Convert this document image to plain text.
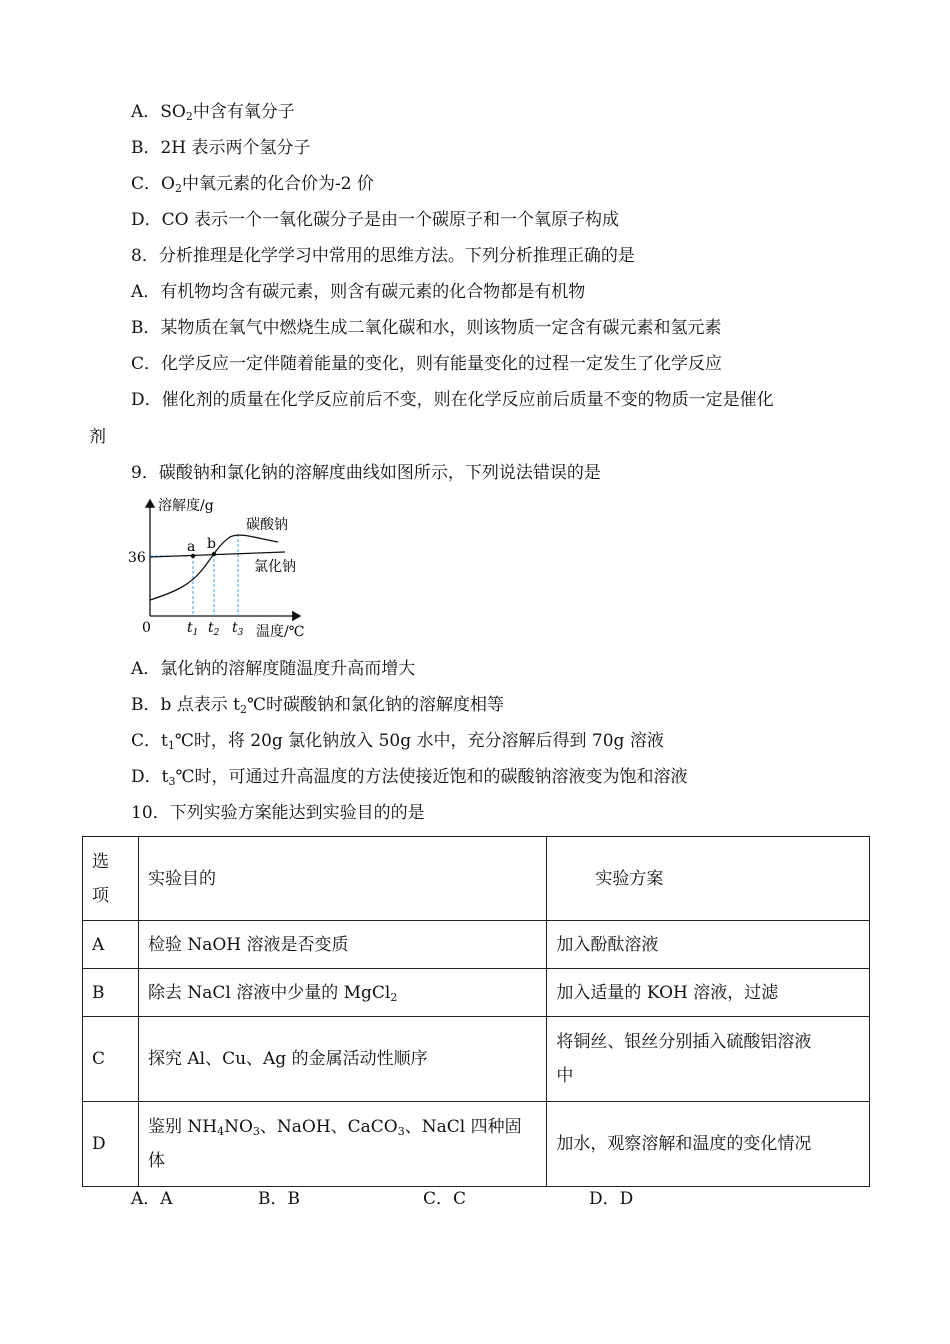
A．$SO_2$中含有氧分子
B．2H 表示两个氢分子
C．$O_2$中氧元素的化合价为-2 价
D．CO 表示一个一氧化碳分子是由一个碳原子和一个氧原子构成
8．分析推理是化学学习中常用的思维方法。下列分析推理正确的是
A．有机物均含有碳元素，则含有碳元素的化合物都是有机物
B．某物质在氧气中燃烧生成二氧化碳和水，则该物质一定含有碳元素和氢元素
C．化学反应一定伴随着能量的变化，则有能量变化的过程一定发生了化学反应
D．催化剂的质量在化学反应前后不变，则在化学反应前后质量不变的物质一定是催化
剂
9．碳酸钠和氯化钠的溶解度曲线如图所示，下列说法错误的是
溶解度/g
36
a b
碳酸钠
氯化钠
0	$t_1$ $t_2$ $t_3$ 温度/℃
A．氯化钠的溶解度随温度升高而增大
B．b 点表示 $t_2℃$时碳酸钠和氯化钠的溶解度相等
C．$t_1℃$时，将 20g 氯化钠放入 50g 水中，充分溶解后得到 70g 溶液
D．$t_3℃$时，可通过升高温度的方法使接近饱和的碳酸钠溶液变为饱和溶液
10．下列实验方案能达到实验目的的是
选
项	实验目的	实验方案
A	检验 NaOH 溶液是否变质	加入酚酞溶液
B	除去 NaCl 溶液中少量的 MgCl$_2$	加入适量的 KOH 溶液，过滤
C	探究 Al、Cu、Ag 的金属活动性顺序	将铜丝、银丝分别插入硫酸铝溶液
中

D	鉴别 $NH_4NO_3$、NaOH、CaCO$_3$、NaCl 四种固
体	加水，观察溶解和温度的变化情况
A．A	B．B	C．C	D．D
